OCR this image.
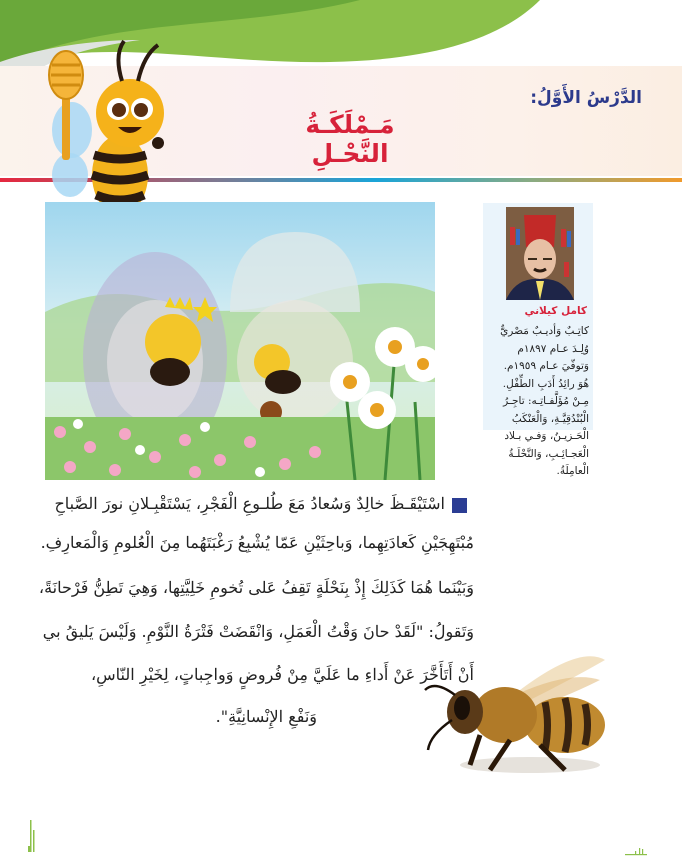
الدَّرْسُ الأَوَّلُ:
مَـمْلَكَـةُ النَّحْـلِ
كامل كيلاني
كاتِـبٌ وَأديـبٌ مَصْريٌّ
وُلِـدَ عـام ١٨٩٧م
وَتوفّيَ عـام ١٩٥٩م.
هُوَ رائِدُ أَدَبِ الطِّفْلِ.
مِـنْ مُؤَلَّفـاتِـه: تاجِـرُ
الْبُنْدُقِيَّـةِ، وَالْعَنْكَبُ
الْحَـزيـنُ، وَفـي بـلاد
الْعَجـائِـبِ، وَالنَّحْلَـةُ
الْعامِلَةُ.
اسْتَيْقَـظَ خالِدٌ وَسُعادُ مَعَ طُلـوعِ الْفَجْرِ، يَسْتَقْبِـلانِ نورَ الصَّباحِ
مُبْتَهِجَيْنِ كَعادَتِهِما، وَباحِثَيْنِ عَمّا يُشْبِعُ رَغْبَتَهُما مِنَ الْعُلومِ وَالْمَعارِفِ.
وَبَيْنَما هُمَا كَذَلِكَ إِذْ بِنَحْلَةٍ تَقِفُ عَلى تُخومِ خَلِيَّتِها، وَهِيَ تَطِنُّ فَرْحانَةً،
وَتَقولُ: "لَقَدْ حانَ وَقْتُ الْعَمَلِ، وَانْقَضَتْ فَتْرَةُ النَّوْمِ. وَلَيْسَ يَليقُ بي
أَنْ أَتَأَخَّرَ عَنْ أَداءِ ما عَلَيَّ مِنْ فُروضٍ وَواجِباتٍ، لِخَيْرِ النّاسِ،
وَنَفْعِ الإِنْسانِيَّةِ".
